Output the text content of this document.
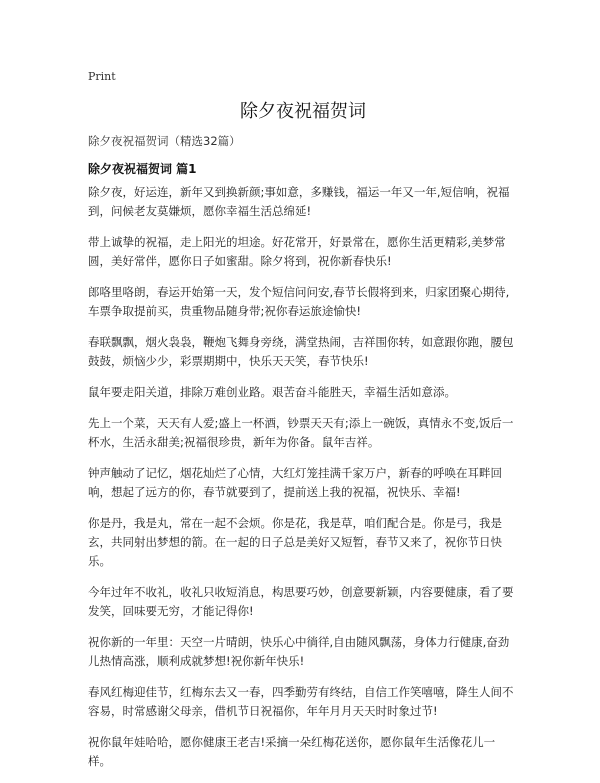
Print
除夕夜祝福贺词
除夕夜祝福贺词（精选32篇）
除夕夜祝福贺词 篇1

除夕夜，好运连，新年又到换新颜;事如意，多赚钱，福运一年又一年,短信响，祝福到，问候老友莫嫌烦，愿你幸福生活总绵延!

带上诚挚的祝福，走上阳光的坦途。好花常开，好景常在，愿你生活更精彩,美梦常圆，美好常伴，愿你日子如蜜甜。除夕将到，祝你新春快乐!

郎咯里咯朗，春运开始第一天，发个短信问问安,春节长假将到来，归家团聚心期待,车票争取提前买，贵重物品随身带;祝你春运旅途愉快!

春联飘飘，烟火袅袅，鞭炮飞舞身旁绕，满堂热闹，吉祥围你转，如意跟你跑，腰包鼓鼓，烦恼少少，彩票期期中，快乐天天笑，春节快乐!

鼠年要走阳关道，排除万难创业路。艰苦奋斗能胜天，幸福生活如意添。

先上一个菜，天天有人爱;盛上一杯酒，钞票天天有;添上一碗饭，真情永不变,饭后一杯水，生活永甜美;祝福很珍贵，新年为你备。鼠年吉祥。

钟声触动了记忆，烟花灿烂了心情，大红灯笼挂满千家万户，新春的呼唤在耳畔回响，想起了远方的你，春节就要到了，提前送上我的祝福，祝快乐、幸福!

你是丹，我是丸，常在一起不会烦。你是花，我是草，咱们配合是。你是弓，我是玄，共同射出梦想的箭。在一起的日子总是美好又短暂，春节又来了，祝你节日快乐。

今年过年不收礼，收礼只收短消息，构思要巧妙，创意要新颖，内容要健康，看了要发笑，回味要无穷，才能记得你!

祝你新的一年里：天空一片晴朗，快乐心中徜徉,自由随风飘荡，身体力行健康,奋劲儿热情高涨，顺利成就梦想!祝你新年快乐!

春风红梅迎佳节，红梅东去又一春，四季勤劳有终结，自信工作笑嘻嘻，降生人间不容易，时常感谢父母亲，借机节日祝福你，年年月月天天时时象过节!

祝你鼠年娃哈哈，愿你健康王老吉!采摘一朵红梅花送你，愿你鼠年生活像花儿一样。
